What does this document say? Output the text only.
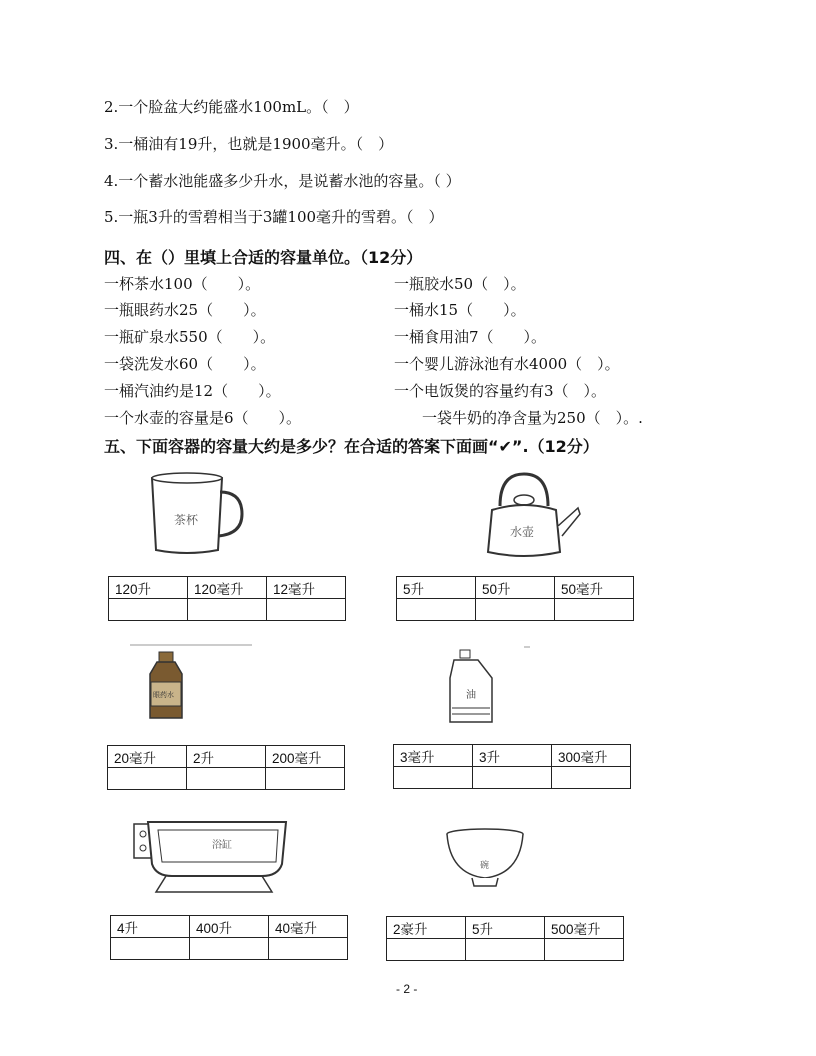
2.一个脸盆大约能盛水100mL。（　）
3.一桶油有19升，也就是1900毫升。（　）
4.一个蓄水池能盛多少升水，是说蓄水池的容量。（ ）
5.一瓶3升的雪碧相当于3罐100毫升的雪碧。（　）
四、在（）里填上合适的容量单位。（12分）
一杯茶水100（　　）。
一瓶眼药水25（　　）。
一瓶矿泉水550（　　）。
一袋洗发水60（　　）。
一桶汽油约是12（　　）。
一个水壶的容量是6（　　）。
一瓶胶水50（　）。
一桶水15（　　）。
一桶食用油7（　　）。
一个婴儿游泳池有水4000（　）。
一个电饭煲的容量约有3（　）。
一袋牛奶的净含量为250（　）。.
五、下面容器的容量大约是多少？在合适的答案下面画“✔”.（12分）
茶杯
水壶
120升	120毫升	12毫升
			5升	50升	50毫升

眼药水	油
20毫升	2升	200毫升
			3毫升	3升	300毫升

浴缸
碗
4升	400升	40毫升
			2豪升	5升	500毫升

- 2 -
